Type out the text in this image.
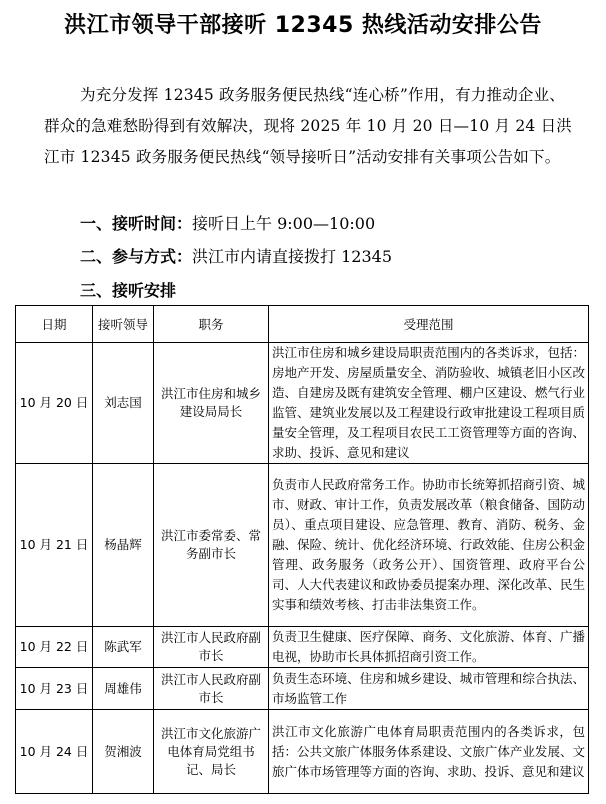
洪江市领导干部接听 12345 热线活动安排公告
为充分发挥 12345 政务服务便民热线“连心桥”作用，有力推动企业、群众的急难愁盼得到有效解决，现将 2025 年 10 月 20 日—10 月 24 日洪江市 12345 政务服务便民热线“领导接听日”活动安排有关事项公告如下。
一、接听时间：接听日上午 9:00—10:00
二、参与方式：洪江市内请直接拨打 12345
三、接听安排
日期	接听领导	职务	受理范围
10 月 20 日	刘志国	洪江市住房和城乡建设局局长	洪江市住房和城乡建设局职责范围内的各类诉求，包括：房地产开发、房屋质量安全、消防验收、城镇老旧小区改造、自建房及既有建筑安全管理、棚户区建设、燃气行业监管、建筑业发展以及工程建设行政审批建设工程项目质量安全管理，及工程项目农民工工资管理等方面的咨询、求助、投诉、意见和建议
10 月 21 日	杨晶辉	洪江市委常委、常务副市长	负责市人民政府常务工作。协助市长统筹抓招商引资、城市、财政、审计工作，负责发展改革（粮食储备、国防动员）、重点项目建设、应急管理、教育、消防、税务、金融、保险、统计、优化经济环境、行政效能、住房公积金管理、政务服务（政务公开）、国资管理、政府平台公司、人大代表建议和政协委员提案办理、深化改革、民生实事和绩效考核、打击非法集资工作。
10 月 22 日	陈武军	洪江市人民政府副市长	负责卫生健康、医疗保障、商务、文化旅游、体育、广播电视，协助市长具体抓招商引资工作。
10 月 23 日	周雄伟	洪江市人民政府副市长	负责生态环境、住房和城乡建设、城市管理和综合执法、市场监管工作
10 月 24 日	贺湘波	洪江市文化旅游广电体育局党组书记、局长	洪江市文化旅游广电体育局职责范围内的各类诉求，包括：公共文旅广体服务体系建设、文旅广体产业发展、文旅广体市场管理等方面的咨询、求助、投诉、意见和建议
